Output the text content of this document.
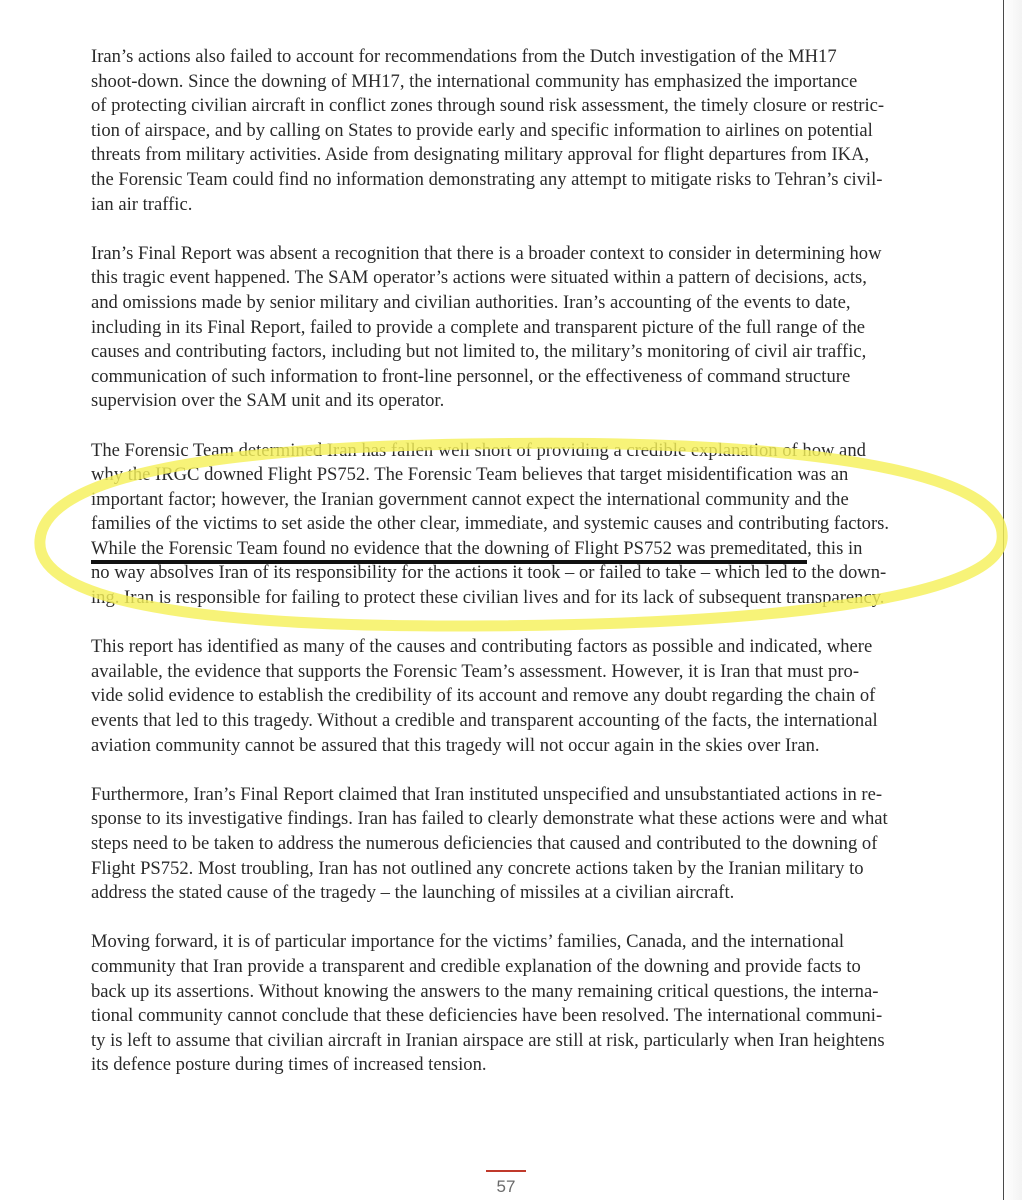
Iran’s actions also failed to account for recommendations from the Dutch investigation of the MH17
shoot-down. Since the downing of MH17, the international community has emphasized the importance
of protecting civilian aircraft in conflict zones through sound risk assessment, the timely closure or restric-
tion of airspace, and by calling on States to provide early and specific information to airlines on potential
threats from military activities. Aside from designating military approval for flight departures from IKA,
the Forensic Team could find no information demonstrating any attempt to mitigate risks to Tehran’s civil-
ian air traffic.

Iran’s Final Report was absent a recognition that there is a broader context to consider in determining how
this tragic event happened. The SAM operator’s actions were situated within a pattern of decisions, acts,
and omissions made by senior military and civilian authorities. Iran’s accounting of the events to date,
including in its Final Report, failed to provide a complete and transparent picture of the full range of the
causes and contributing factors, including but not limited to, the military’s monitoring of civil air traffic,
communication of such information to front-line personnel, or the effectiveness of command structure
supervision over the SAM unit and its operator.

The Forensic Team determined Iran has fallen well short of providing a credible explanation of how and
why the IRGC downed Flight PS752. The Forensic Team believes that target misidentification was an
important factor; however, the Iranian government cannot expect the international community and the
families of the victims to set aside the other clear, immediate, and systemic causes and contributing factors.
While the Forensic Team found no evidence that the downing of Flight PS752 was premeditated, this in
no way absolves Iran of its responsibility for the actions it took – or failed to take – which led to the down-
ing. Iran is responsible for failing to protect these civilian lives and for its lack of subsequent transparency.

This report has identified as many of the causes and contributing factors as possible and indicated, where
available, the evidence that supports the Forensic Team’s assessment. However, it is Iran that must pro-
vide solid evidence to establish the credibility of its account and remove any doubt regarding the chain of
events that led to this tragedy. Without a credible and transparent accounting of the facts, the international
aviation community cannot be assured that this tragedy will not occur again in the skies over Iran.

Furthermore, Iran’s Final Report claimed that Iran instituted unspecified and unsubstantiated actions in re-
sponse to its investigative findings. Iran has failed to clearly demonstrate what these actions were and what
steps need to be taken to address the numerous deficiencies that caused and contributed to the downing of
Flight PS752. Most troubling, Iran has not outlined any concrete actions taken by the Iranian military to
address the stated cause of the tragedy – the launching of missiles at a civilian aircraft.

Moving forward, it is of particular importance for the victims’ families, Canada, and the international
community that Iran provide a transparent and credible explanation of the downing and provide facts to
back up its assertions. Without knowing the answers to the many remaining critical questions, the interna-
tional community cannot conclude that these deficiencies have been resolved. The international communi-
ty is left to assume that civilian aircraft in Iranian airspace are still at risk, particularly when Iran heightens
its defence posture during times of increased tension.

57
